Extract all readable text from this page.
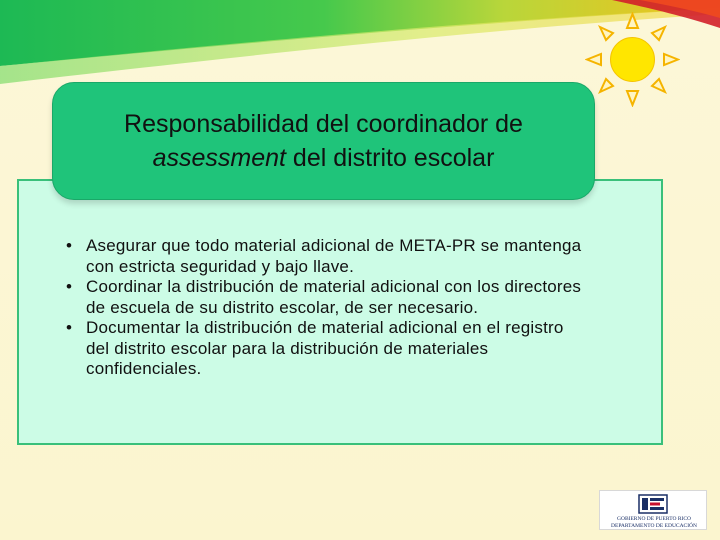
Responsabilidad del coordinador de

assessment del distrito escolar

• Asegurar que todo material adicional de META-PR se mantenga con estricta seguridad y bajo llave.
• Coordinar la distribución de material adicional con los directores de escuela de su distrito escolar, de ser necesario.
• Documentar la distribución de material adicional en el registro del distrito escolar para la distribución de materiales confidenciales.
GOBIERNO DE PUERTO RICO
DEPARTAMENTO DE EDUCACIÓN
